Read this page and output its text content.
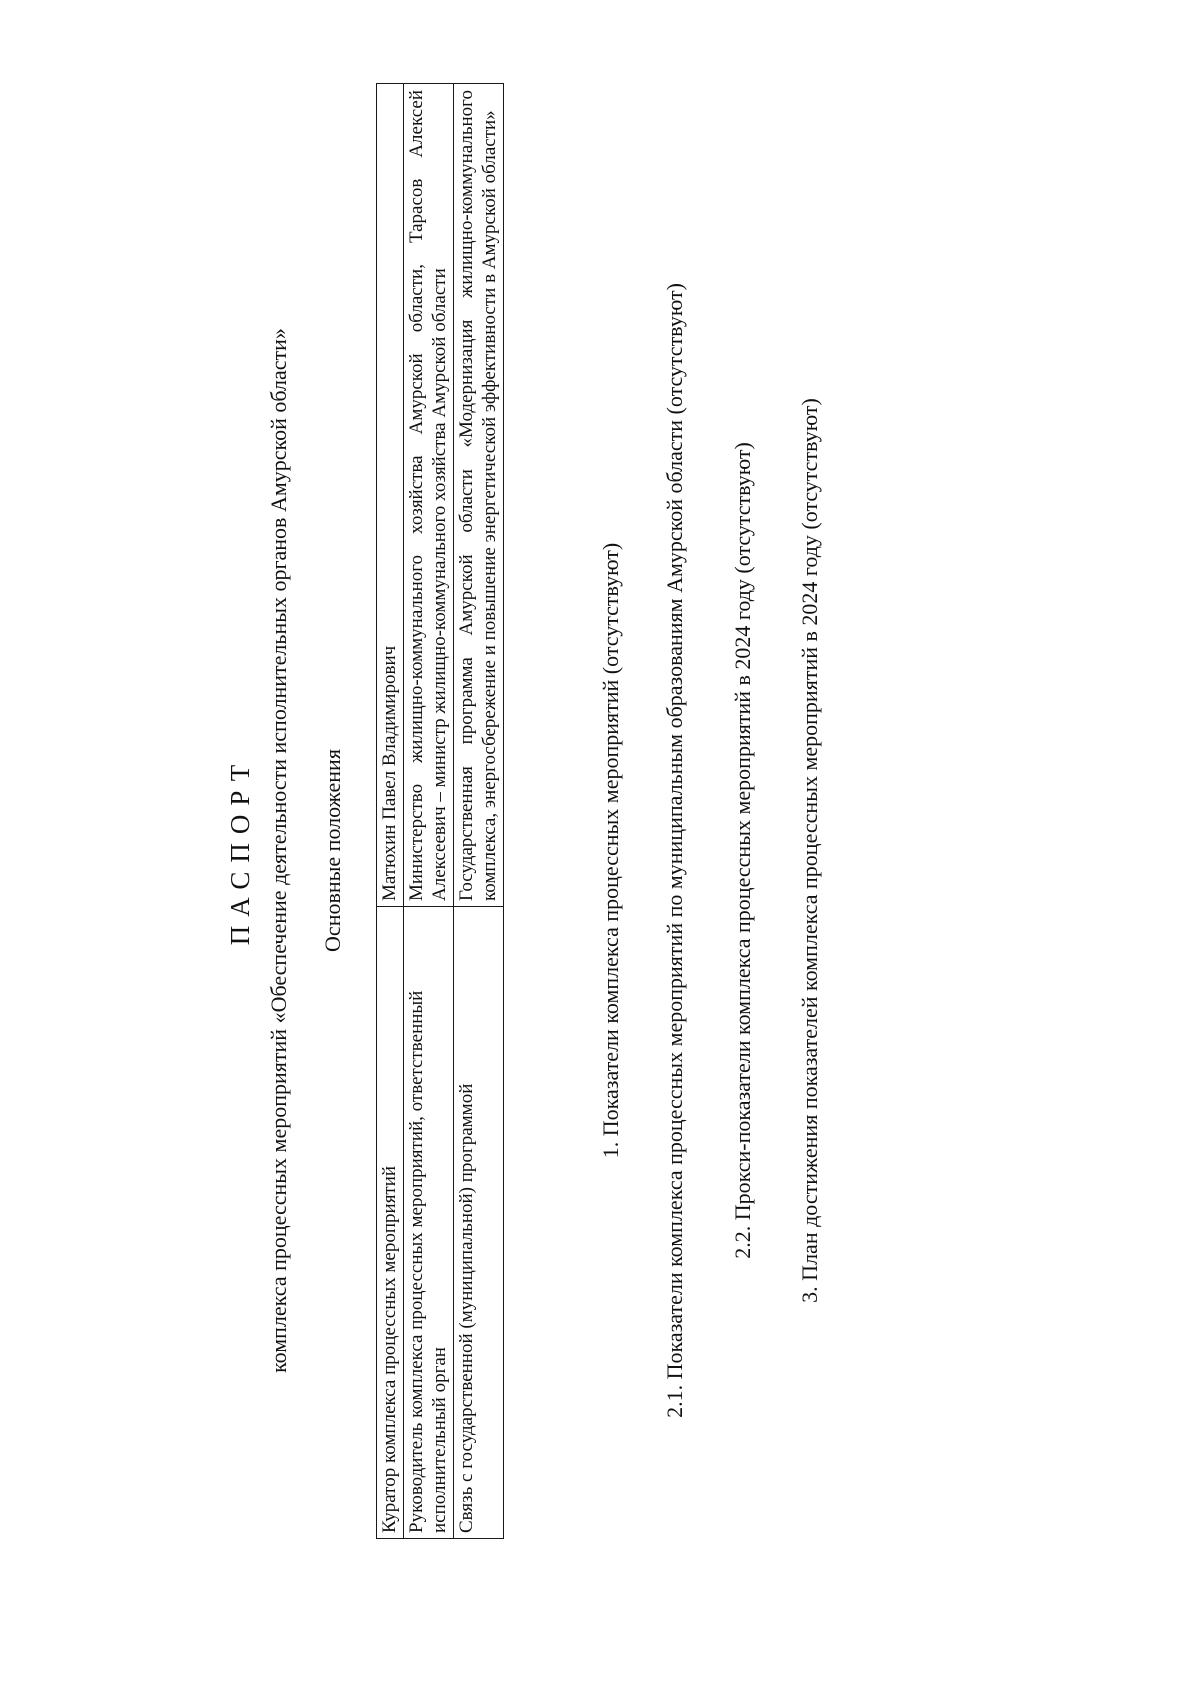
ПАСПОРТ комплекса процессных мероприятий «Обеспечение деятельности исполнительных органов Амурской области» Основные положения
Куратор комплекса процессных мероприятий	Матюхин Павел Владимирович
Руководитель комплекса процессных мероприятий, ответственный исполнительный орган	Министерство жилищно-коммунального хозяйства Амурской области, Тарасов Алексей Алексеевич – министр жилищно-коммунального хозяйства Амурской области
Связь с государственной (муниципальной) программой	Государственная программа Амурской области «Модернизация жилищно-коммунального комплекса, энергосбережение и повышение энергетической эффективности в Амурской области»	1. Показатели комплекса процессных мероприятий (отсутствуют) 2.1. Показатели комплекса процессных мероприятий по муниципальным образованиям Амурской области (отсутствуют) 2.2. Прокси-показатели комплекса процессных мероприятий в 2024 году (отсутствуют) 3. План достижения показателей комплекса процессных мероприятий в 2024 году (отсутствуют)
